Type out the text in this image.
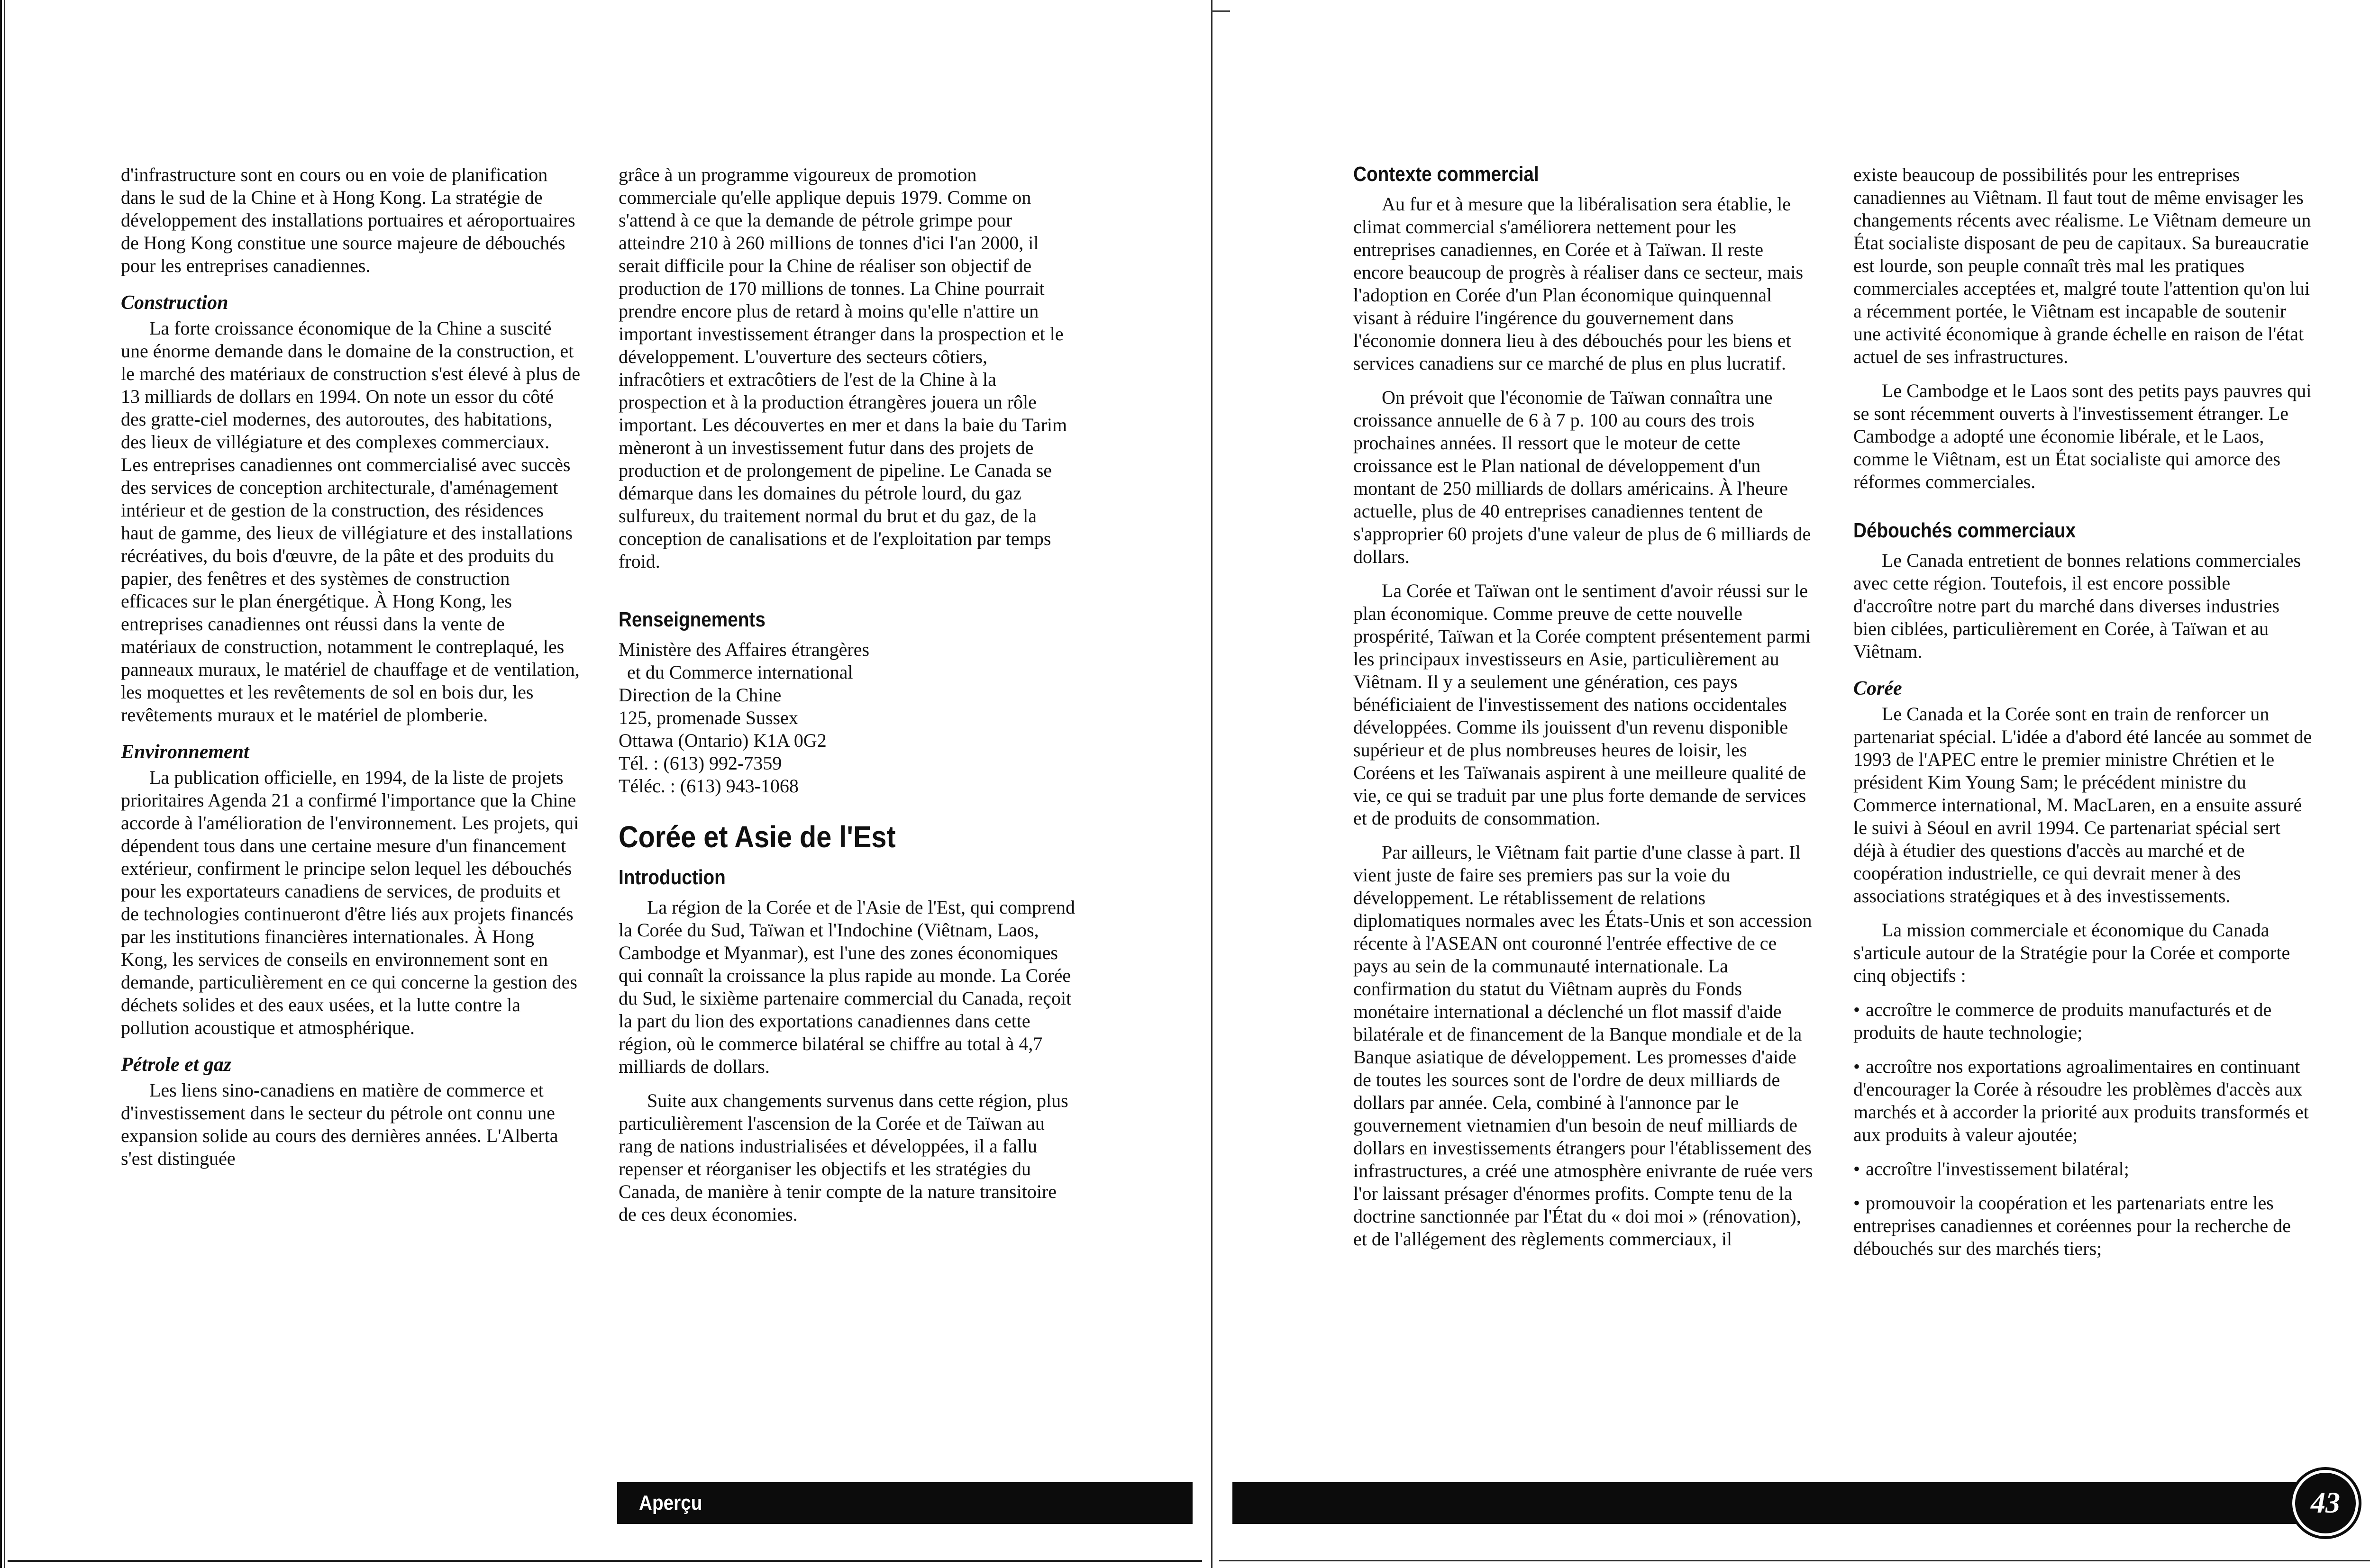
d'infrastructure sont en cours ou en voie de planification dans le sud de la Chine et à Hong Kong. La stratégie de développement des installations portuaires et aéroportuaires de Hong Kong constitue une source majeure de débouchés pour les entreprises canadiennes.

Construction

La forte croissance économique de la Chine a suscité une énorme demande dans le domaine de la construction, et le marché des matériaux de construction s'est élevé à plus de 13 milliards de dollars en 1994. On note un essor du côté des gratte-ciel modernes, des autoroutes, des habitations, des lieux de villégiature et des complexes commerciaux. Les entreprises canadiennes ont commercialisé avec succès des services de conception architecturale, d'aménagement intérieur et de gestion de la construction, des résidences haut de gamme, des lieux de villégiature et des installations récréatives, du bois d'œuvre, de la pâte et des produits du papier, des fenêtres et des systèmes de construction efficaces sur le plan énergétique. À Hong Kong, les entreprises canadiennes ont réussi dans la vente de matériaux de construction, notamment le contreplaqué, les panneaux muraux, le matériel de chauffage et de ventilation, les moquettes et les revêtements de sol en bois dur, les revêtements muraux et le matériel de plomberie.

Environnement

La publication officielle, en 1994, de la liste de projets prioritaires Agenda 21 a confirmé l'importance que la Chine accorde à l'amélioration de l'environnement. Les projets, qui dépendent tous dans une certaine mesure d'un financement extérieur, confirment le principe selon lequel les débouchés pour les exportateurs canadiens de services, de produits et de technologies continueront d'être liés aux projets financés par les institutions financières internationales. À Hong Kong, les services de conseils en environnement sont en demande, particulièrement en ce qui concerne la gestion des déchets solides et des eaux usées, et la lutte contre la pollution acoustique et atmosphérique.

Pétrole et gaz

Les liens sino-canadiens en matière de commerce et d'investissement dans le secteur du pétrole ont connu une expansion solide au cours des dernières années. L'Alberta s'est distinguée

grâce à un programme vigoureux de promotion commerciale qu'elle applique depuis 1979. Comme on s'attend à ce que la demande de pétrole grimpe pour atteindre 210 à 260 millions de tonnes d'ici l'an 2000, il serait difficile pour la Chine de réaliser son objectif de production de 170 millions de tonnes. La Chine pourrait prendre encore plus de retard à moins qu'elle n'attire un important investissement étranger dans la prospection et le développement. L'ouverture des secteurs côtiers, infracôtiers et extracôtiers de l'est de la Chine à la prospection et à la production étrangères jouera un rôle important. Les découvertes en mer et dans la baie du Tarim mèneront à un investissement futur dans des projets de production et de prolongement de pipeline. Le Canada se démarque dans les domaines du pétrole lourd, du gaz sulfureux, du traitement normal du brut et du gaz, de la conception de canalisations et de l'exploitation par temps froid.

Renseignements

Ministère des Affaires étrangères

et du Commerce international

Direction de la Chine

125, promenade Sussex

Ottawa (Ontario) K1A 0G2

Tél. : (613) 992-7359

Téléc. : (613) 943-1068

Corée et Asie de l'Est
Introduction

La région de la Corée et de l'Asie de l'Est, qui comprend la Corée du Sud, Taïwan et l'Indochine (Viêtnam, Laos, Cambodge et Myanmar), est l'une des zones économiques qui connaît la croissance la plus rapide au monde. La Corée du Sud, le sixième partenaire commercial du Canada, reçoit la part du lion des exportations canadiennes dans cette région, où le commerce bilatéral se chiffre au total à 4,7 milliards de dollars.

Suite aux changements survenus dans cette région, plus particulièrement l'ascension de la Corée et de Taïwan au rang de nations industrialisées et développées, il a fallu repenser et réorganiser les objectifs et les stratégies du Canada, de manière à tenir compte de la nature transitoire de ces deux économies.

Contexte commercial

Au fur et à mesure que la libéralisation sera établie, le climat commercial s'améliorera nettement pour les entreprises canadiennes, en Corée et à Taïwan. Il reste encore beaucoup de progrès à réaliser dans ce secteur, mais l'adoption en Corée d'un Plan économique quinquennal visant à réduire l'ingérence du gouvernement dans l'économie donnera lieu à des débouchés pour les biens et services canadiens sur ce marché de plus en plus lucratif.

On prévoit que l'économie de Taïwan connaîtra une croissance annuelle de 6 à 7 p. 100 au cours des trois prochaines années. Il ressort que le moteur de cette croissance est le Plan national de développement d'un montant de 250 milliards de dollars américains. À l'heure actuelle, plus de 40 entreprises canadiennes tentent de s'approprier 60 projets d'une valeur de plus de 6 milliards de dollars.

La Corée et Taïwan ont le sentiment d'avoir réussi sur le plan économique. Comme preuve de cette nouvelle prospérité, Taïwan et la Corée comptent présentement parmi les principaux investisseurs en Asie, particulièrement au Viêtnam. Il y a seulement une génération, ces pays bénéficiaient de l'investissement des nations occidentales développées. Comme ils jouissent d'un revenu disponible supérieur et de plus nombreuses heures de loisir, les Coréens et les Taïwanais aspirent à une meilleure qualité de vie, ce qui se traduit par une plus forte demande de services et de produits de consommation.

Par ailleurs, le Viêtnam fait partie d'une classe à part. Il vient juste de faire ses premiers pas sur la voie du développement. Le rétablissement de relations diplomatiques normales avec les États-Unis et son accession récente à l'ASEAN ont couronné l'entrée effective de ce pays au sein de la communauté internationale. La confirmation du statut du Viêtnam auprès du Fonds monétaire international a déclenché un flot massif d'aide bilatérale et de financement de la Banque mondiale et de la Banque asiatique de développement. Les promesses d'aide de toutes les sources sont de l'ordre de deux milliards de dollars par année. Cela, combiné à l'annonce par le gouvernement vietnamien d'un besoin de neuf milliards de dollars en investissements étrangers pour l'établissement des infrastructures, a créé une atmosphère enivrante de ruée vers l'or laissant présager d'énormes profits. Compte tenu de la doctrine sanctionnée par l'État du « doi moi » (rénovation), et de l'allégement des règlements commerciaux, il

existe beaucoup de possibilités pour les entreprises canadiennes au Viêtnam. Il faut tout de même envisager les changements récents avec réalisme. Le Viêtnam demeure un État socialiste disposant de peu de capitaux. Sa bureaucratie est lourde, son peuple connaît très mal les pratiques commerciales acceptées et, malgré toute l'attention qu'on lui a récemment portée, le Viêtnam est incapable de soutenir une activité économique à grande échelle en raison de l'état actuel de ses infrastructures.

Le Cambodge et le Laos sont des petits pays pauvres qui se sont récemment ouverts à l'investissement étranger. Le Cambodge a adopté une économie libérale, et le Laos, comme le Viêtnam, est un État socialiste qui amorce des réformes commerciales.

Débouchés commerciaux

Le Canada entretient de bonnes relations commerciales avec cette région. Toutefois, il est encore possible d'accroître notre part du marché dans diverses industries bien ciblées, particulièrement en Corée, à Taïwan et au Viêtnam.

Corée

Le Canada et la Corée sont en train de renforcer un partenariat spécial. L'idée a d'abord été lancée au sommet de 1993 de l'APEC entre le premier ministre Chrétien et le président Kim Young Sam; le précédent ministre du Commerce international, M. MacLaren, en a ensuite assuré le suivi à Séoul en avril 1994. Ce partenariat spécial sert déjà à étudier des questions d'accès au marché et de coopération industrielle, ce qui devrait mener à des associations stratégiques et à des investissements.

La mission commerciale et économique du Canada s'articule autour de la Stratégie pour la Corée et comporte cinq objectifs :

• accroître le commerce de produits manufacturés et de produits de haute technologie;

• accroître nos exportations agroalimentaires en continuant d'encourager la Corée à résoudre les problèmes d'accès aux marchés et à accorder la priorité aux produits transformés et aux produits à valeur ajoutée;

• accroître l'investissement bilatéral;

• promouvoir la coopération et les partenariats entre les entreprises canadiennes et coréennes pour la recherche de débouchés sur des marchés tiers;

Aperçu	43
